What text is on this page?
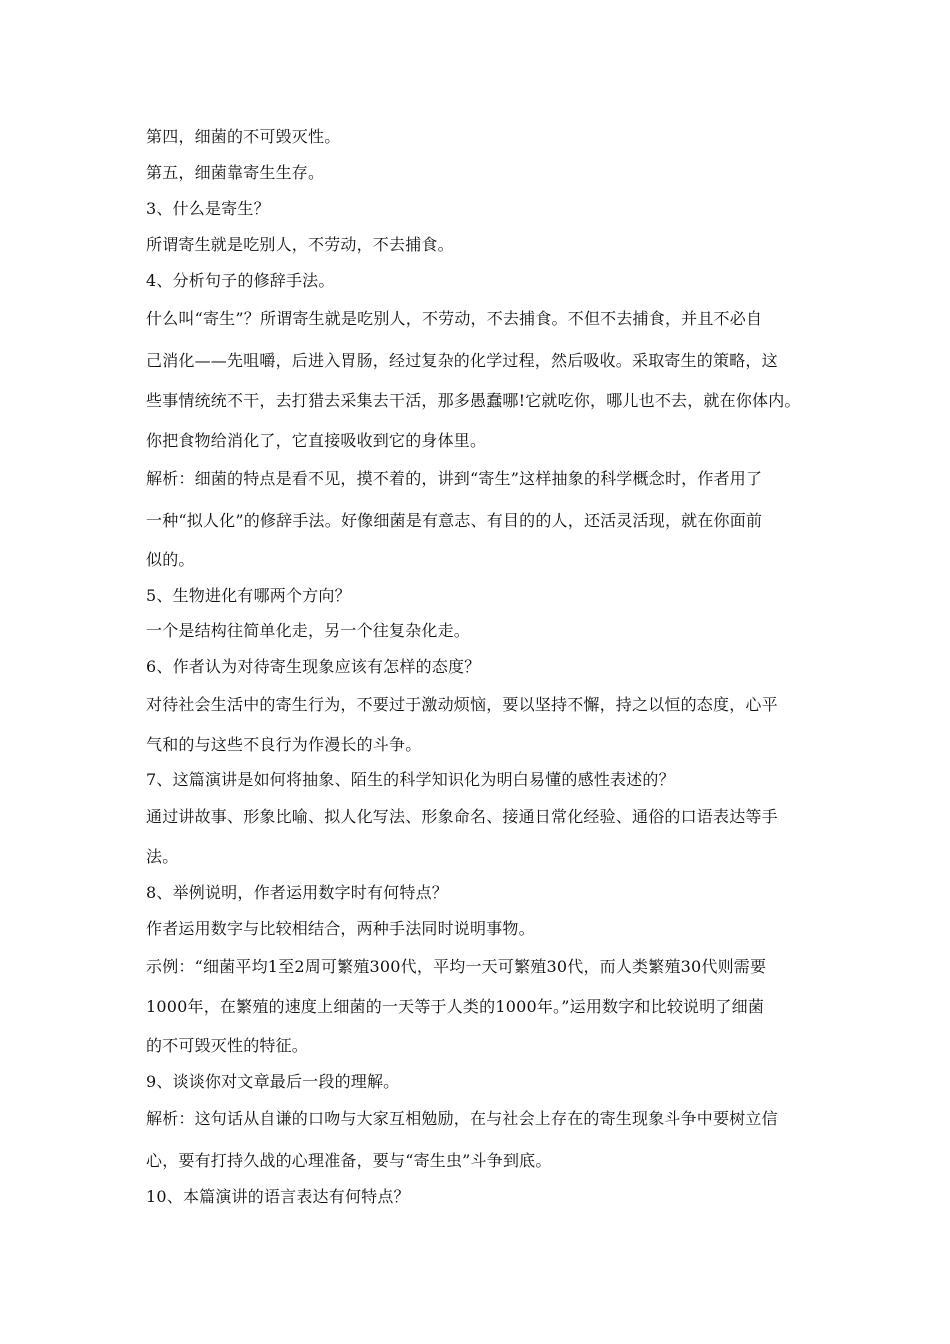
第四，细菌的不可毁灭性。
第五，细菌靠寄生生存。
3、什么是寄生？
所谓寄生就是吃别人，不劳动，不去捕食。
4、分析句子的修辞手法。
什么叫“寄生”？所谓寄生就是吃别人，不劳动，不去捕食。不但不去捕食，并且不必自
己消化——先咀嚼，后进入胃肠，经过复杂的化学过程，然后吸收。采取寄生的策略，这
些事情统统不干，去打猎去采集去干活，那多愚蠢哪!它就吃你，哪儿也不去，就在你体内。
你把食物给消化了，它直接吸收到它的身体里。
解析：细菌的特点是看不见，摸不着的，讲到“寄生”这样抽象的科学概念时，作者用了
一种“拟人化”的修辞手法。好像细菌是有意志、有目的的人，还活灵活现，就在你面前
似的。
5、生物进化有哪两个方向？
一个是结构往简单化走，另一个往复杂化走。
6、作者认为对待寄生现象应该有怎样的态度？
对待社会生活中的寄生行为，不要过于激动烦恼，要以坚持不懈，持之以恒的态度，心平
气和的与这些不良行为作漫长的斗争。
7、这篇演讲是如何将抽象、陌生的科学知识化为明白易懂的感性表述的？
通过讲故事、形象比喻、拟人化写法、形象命名、接通日常化经验、通俗的口语表达等手
法。
8、举例说明，作者运用数字时有何特点？
作者运用数字与比较相结合，两种手法同时说明事物。
示例：“细菌平均1至2周可繁殖300代，平均一天可繁殖30代，而人类繁殖30代则需要
1000年，在繁殖的速度上细菌的一天等于人类的1000年。”运用数字和比较说明了细菌
的不可毁灭性的特征。
9、谈谈你对文章最后一段的理解。
解析：这句话从自谦的口吻与大家互相勉励，在与社会上存在的寄生现象斗争中要树立信
心，要有打持久战的心理准备，要与“寄生虫”斗争到底。
10、本篇演讲的语言表达有何特点？
